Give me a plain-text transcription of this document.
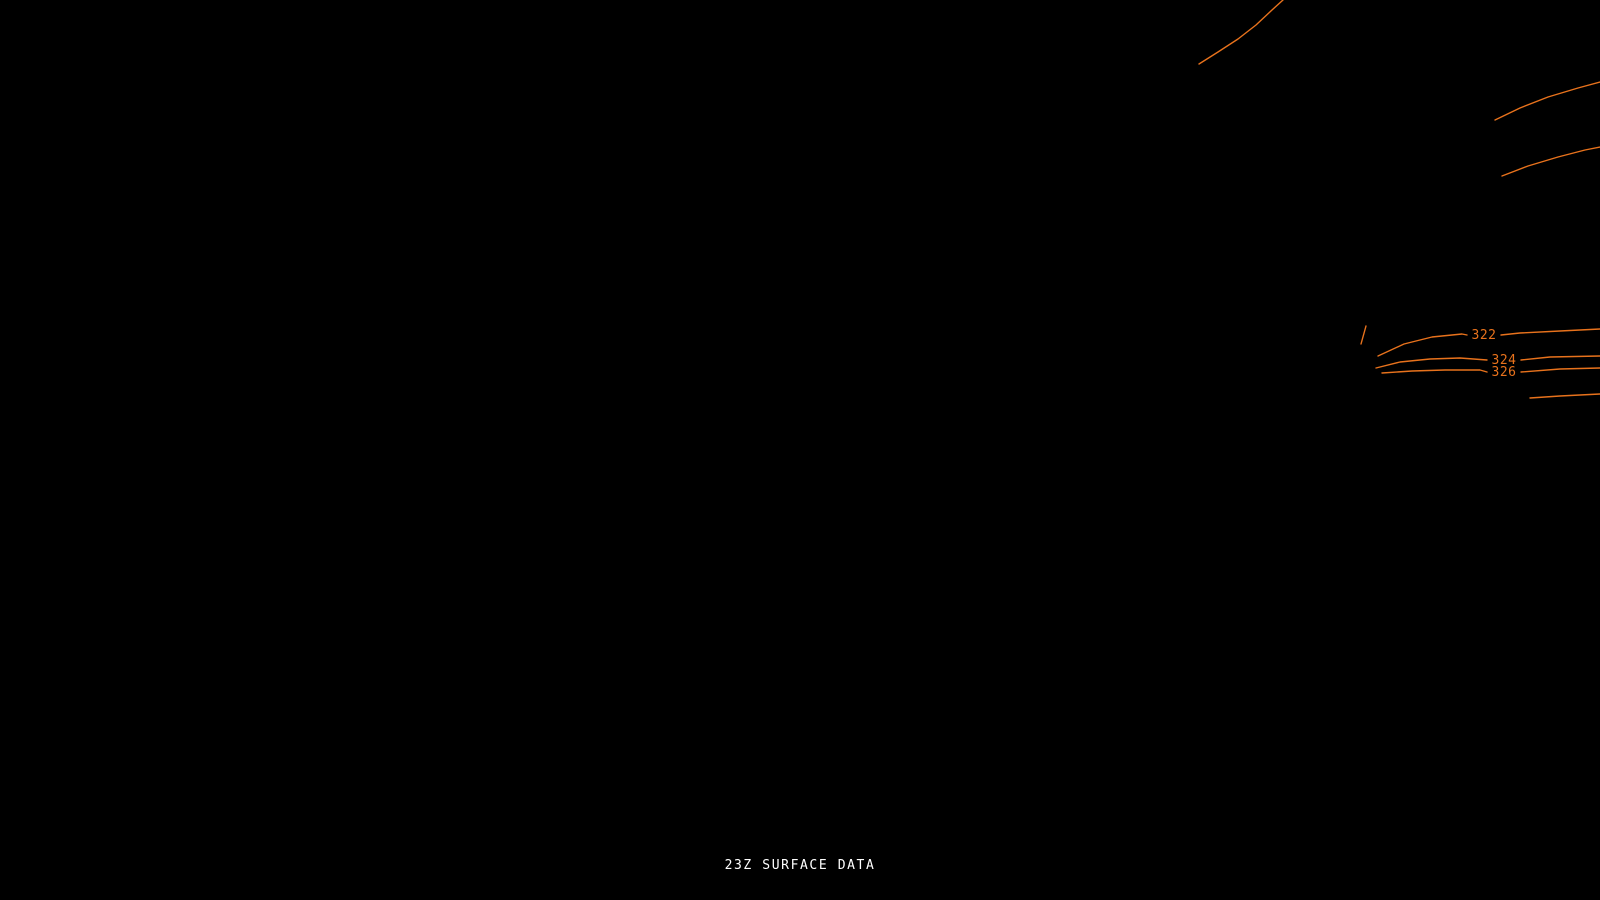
322
324
326
23Z SURFACE DATA
